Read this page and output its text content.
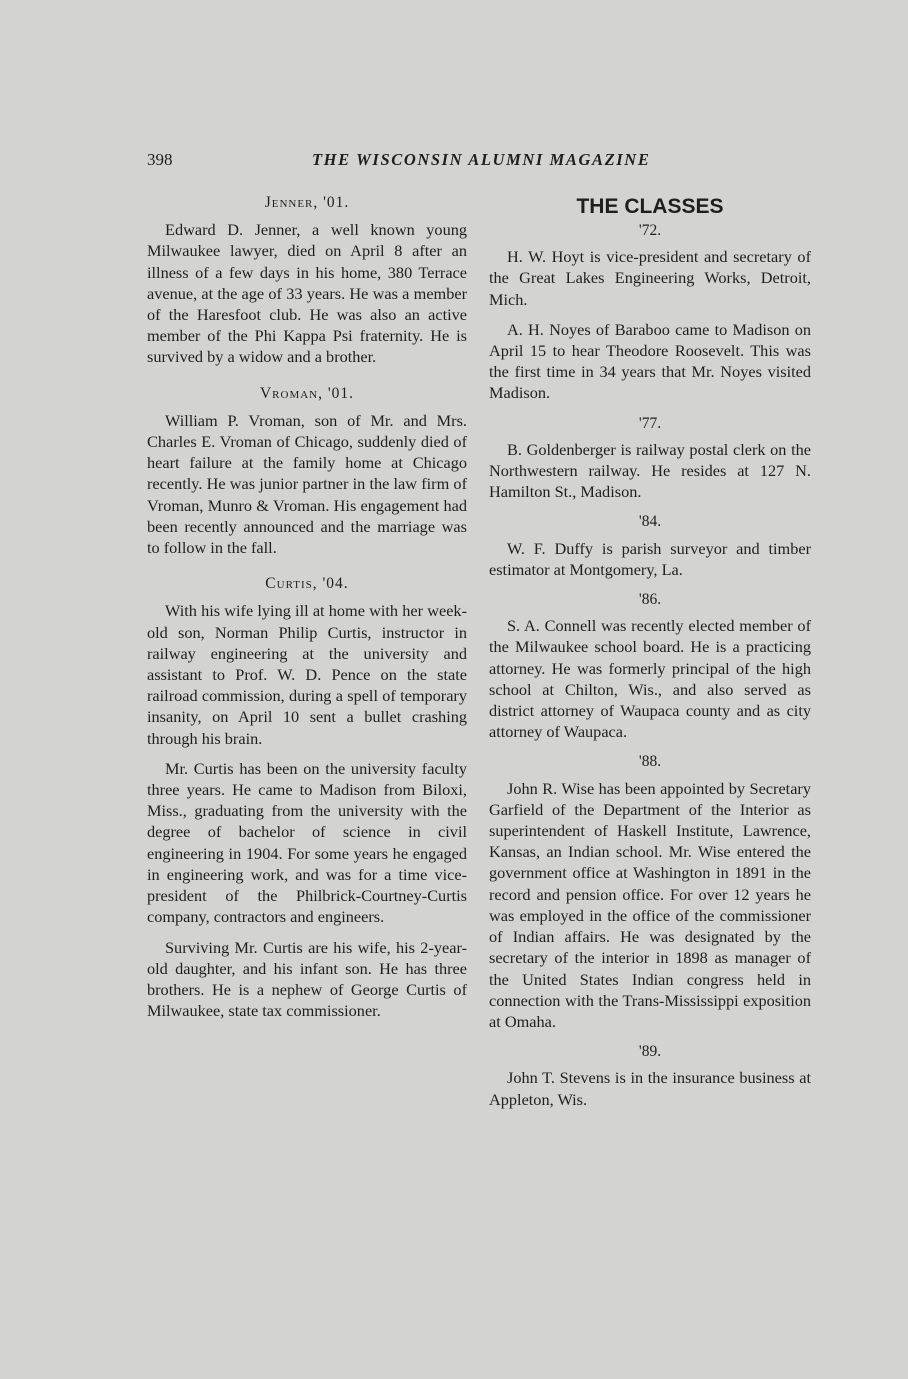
398	THE WISCONSIN ALUMNI MAGAZINE
Jenner, '01.

Edward D. Jenner, a well known young Milwaukee lawyer, died on April 8 after an illness of a few days in his home, 380 Terrace avenue, at the age of 33 years. He was a member of the Haresfoot club. He was also an active member of the Phi Kappa Psi fraternity. He is survived by a widow and a brother.

Vroman, '01.

William P. Vroman, son of Mr. and Mrs. Charles E. Vroman of Chicago, suddenly died of heart failure at the family home at Chicago recently. He was junior partner in the law firm of Vroman, Munro & Vroman. His engagement had been recently announced and the marriage was to follow in the fall.

Curtis, '04.

With his wife lying ill at home with her week-old son, Norman Philip Curtis, instructor in railway engineering at the university and assistant to Prof. W. D. Pence on the state railroad commission, during a spell of temporary insanity, on April 10 sent a bullet crashing through his brain.

Mr. Curtis has been on the university faculty three years. He came to Madison from Biloxi, Miss., graduating from the university with the degree of bachelor of science in civil engineering in 1904. For some years he engaged in engineering work, and was for a time vice-president of the Philbrick-Courtney-Curtis company, contractors and engineers.

Surviving Mr. Curtis are his wife, his 2-year-old daughter, and his infant son. He has three brothers. He is a nephew of George Curtis of Milwaukee, state tax commissioner.

THE CLASSES
'72.

H. W. Hoyt is vice-president and secretary of the Great Lakes Engineering Works, Detroit, Mich.

A. H. Noyes of Baraboo came to Madison on April 15 to hear Theodore Roosevelt. This was the first time in 34 years that Mr. Noyes visited Madison.

'77.

B. Goldenberger is railway postal clerk on the Northwestern railway. He resides at 127 N. Hamilton St., Madison.

'84.

W. F. Duffy is parish surveyor and timber estimator at Montgomery, La.

'86.

S. A. Connell was recently elected member of the Milwaukee school board. He is a practicing attorney. He was formerly principal of the high school at Chilton, Wis., and also served as district attorney of Waupaca county and as city attorney of Waupaca.

'88.

John R. Wise has been appointed by Secretary Garfield of the Department of the Interior as superintendent of Haskell Institute, Lawrence, Kansas, an Indian school. Mr. Wise entered the government office at Washington in 1891 in the record and pension office. For over 12 years he was employed in the office of the commissioner of Indian affairs. He was designated by the secretary of the interior in 1898 as manager of the United States Indian congress held in connection with the Trans-Mississippi exposition at Omaha.

'89.

John T. Stevens is in the insurance business at Appleton, Wis.
